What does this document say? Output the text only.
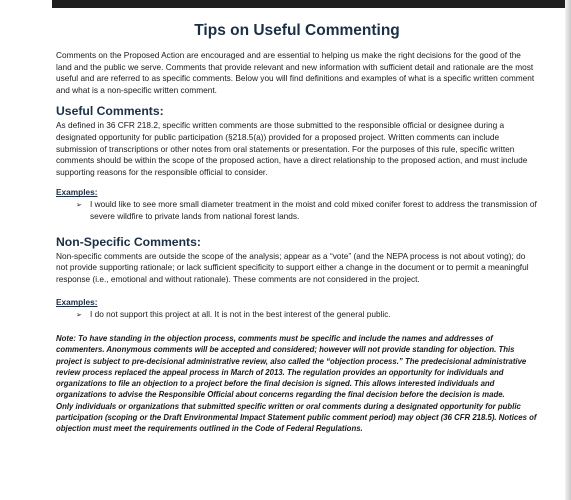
Tips on Useful Commenting

Comments on the Proposed Action are encouraged and are essential to helping us make the right decisions for the good of the land and the public we serve. Comments that provide relevant and new information with sufficient detail and rationale are the most useful and are referred to as specific comments. Below you will find definitions and examples of what is a specific written comment and what is a non-specific written comment.

Useful Comments:

As defined in 36 CFR 218.2, specific written comments are those submitted to the responsible official or designee during a designated opportunity for public participation (§218.5(a)) provided for a proposed project. Written comments can include submission of transcriptions or other notes from oral statements or presentation. For the purposes of this rule, specific written comments should be within the scope of the proposed action, have a direct relationship to the proposed action, and must include supporting reasons for the responsible official to consider.

Examples:
➢ I would like to see more small diameter treatment in the moist and cold mixed conifer forest to address the transmission of severe wildfire to private lands from national forest lands.
Non-Specific Comments:

Non-specific comments are outside the scope of the analysis; appear as a “vote” (and the NEPA process is not about voting); do not provide supporting rationale; or lack sufficient specificity to support either a change in the document or to permit a meaningful response (i.e., emotional and without rationale). These comments are not considered in the project.

Examples:
➢ I do not support this project at all. It is not in the best interest of the general public.

Note: To have standing in the objection process, comments must be specific and include the names and addresses of commenters. Anonymous comments will be accepted and considered; however will not provide standing for objection. This project is subject to pre-decisional administrative review, also called the “objection process.” The predecisional administrative review process replaced the appeal process in March of 2013. The regulation provides an opportunity for individuals and organizations to file an objection to a project before the final decision is signed. This allows interested individuals and organizations to advise the Responsible Official about concerns regarding the final decision before the decision is made.

Only individuals or organizations that submitted specific written or oral comments during a designated opportunity for public participation (scoping or the Draft Environmental Impact Statement public comment period) may object (36 CFR 218.5). Notices of objection must meet the requirements outlined in the Code of Federal Regulations.
